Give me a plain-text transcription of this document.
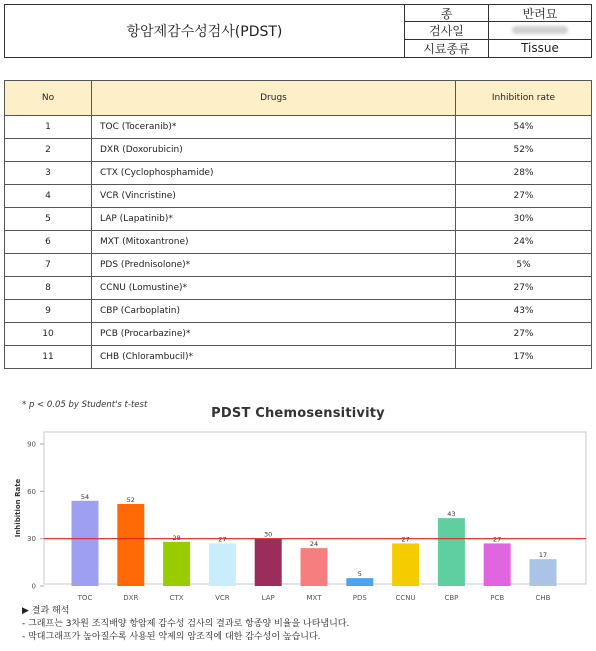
항암제감수성검사(PDST)
종	반려묘
검사일
시료종류	Tissue
No	Drugs	Inhibition rate
1	TOC (Toceranib)*	54%
2	DXR (Doxorubicin)	52%
3	CTX (Cyclophosphamide)	28%
4	VCR (Vincristine)	27%
5	LAP (Lapatinib)*	30%
6	MXT (Mitoxantrone)	24%
7	PDS (Prednisolone)*	5%
8	CCNU (Lomustine)*	27%
9	CBP (Carboplatin)	43%
10	PCB (Procarbazine)*	27%
11	CHB (Chlorambucil)*	17%
* p < 0.05 by Student's t-test
PDST Chemosensitivity
Inhibition Rate
0
30
60
90
54	52
28	27
30
24
5
27
43
27
17
TOC	DXR	CTX	VCR	LAP	MXT	PDS	CCNU	CBP	PCB	CHB
▶ 결과 해석
- 그래프는 3차원 조직배양 항암제 감수성 검사의 결과로 항종양 비율을 나타냅니다.
- 막대그래프가 높아질수록 사용된 약제의 암조직에 대한 감수성이 높습니다.
